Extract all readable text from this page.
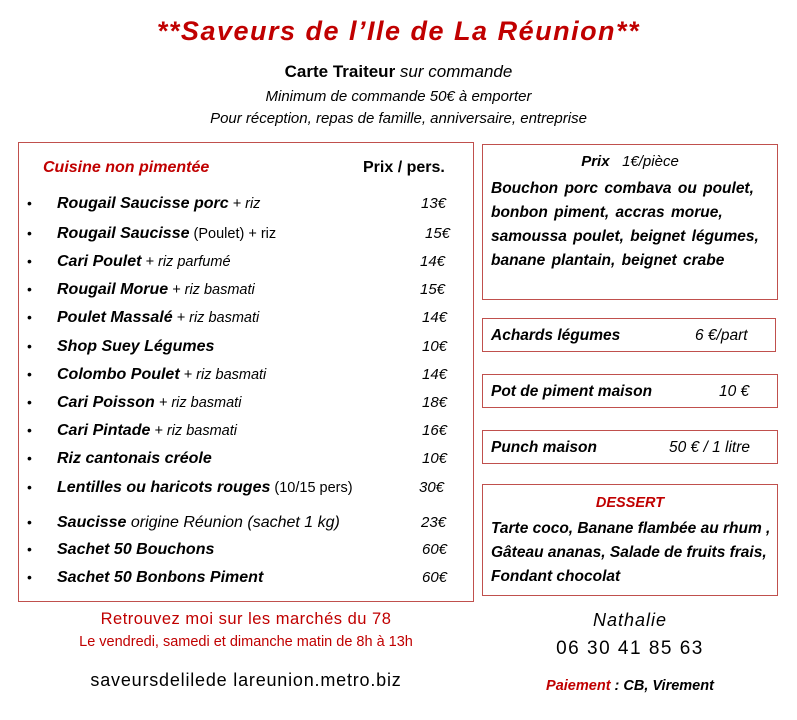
**Saveurs de l’Ile de La Réunion**
Carte Traiteur sur commande
Minimum de commande 50€ à emporter
Pour réception, repas de famille, anniversaire, entreprise
Cuisine non pimentée	Prix / pers.
• Rougail Saucisse porc + riz	13€
• Rougail Saucisse (Poulet) + riz	15€
• Cari Poulet + riz parfumé	14€
• Rougail Morue + riz basmati	15€
• Poulet Massalé + riz basmati	14€
• Shop Suey Légumes	10€
• Colombo Poulet + riz basmati	14€
• Cari Poisson + riz basmati	18€
• Cari Pintade + riz basmati	16€
• Riz cantonais créole	10€
• Lentilles ou haricots rouges (10/15 pers)	30€
• Saucisse origine Réunion (sachet 1 kg)	23€
• Sachet 50 Bouchons	60€
• Sachet 50 Bonbons Piment	60€
Prix 1€/pièce
Bouchon porc combava ou poulet, bonbon piment, accras morue, samoussa poulet, beignet légumes, banane plantain, beignet crabe
Achards légumes	6 €/part
Pot de piment maison	10 €
Punch maison	50 € / 1 litre
DESSERT
Tarte coco, Banane flambée au rhum , Gâteau ananas, Salade de fruits frais, Fondant chocolat
Retrouvez moi sur les marchés du 78
Le vendredi, samedi et dimanche matin de 8h à 13h
saveursdelilede lareunion.metro.biz
Nathalie
06 30 41 85 63
Paiement : CB, Virement
